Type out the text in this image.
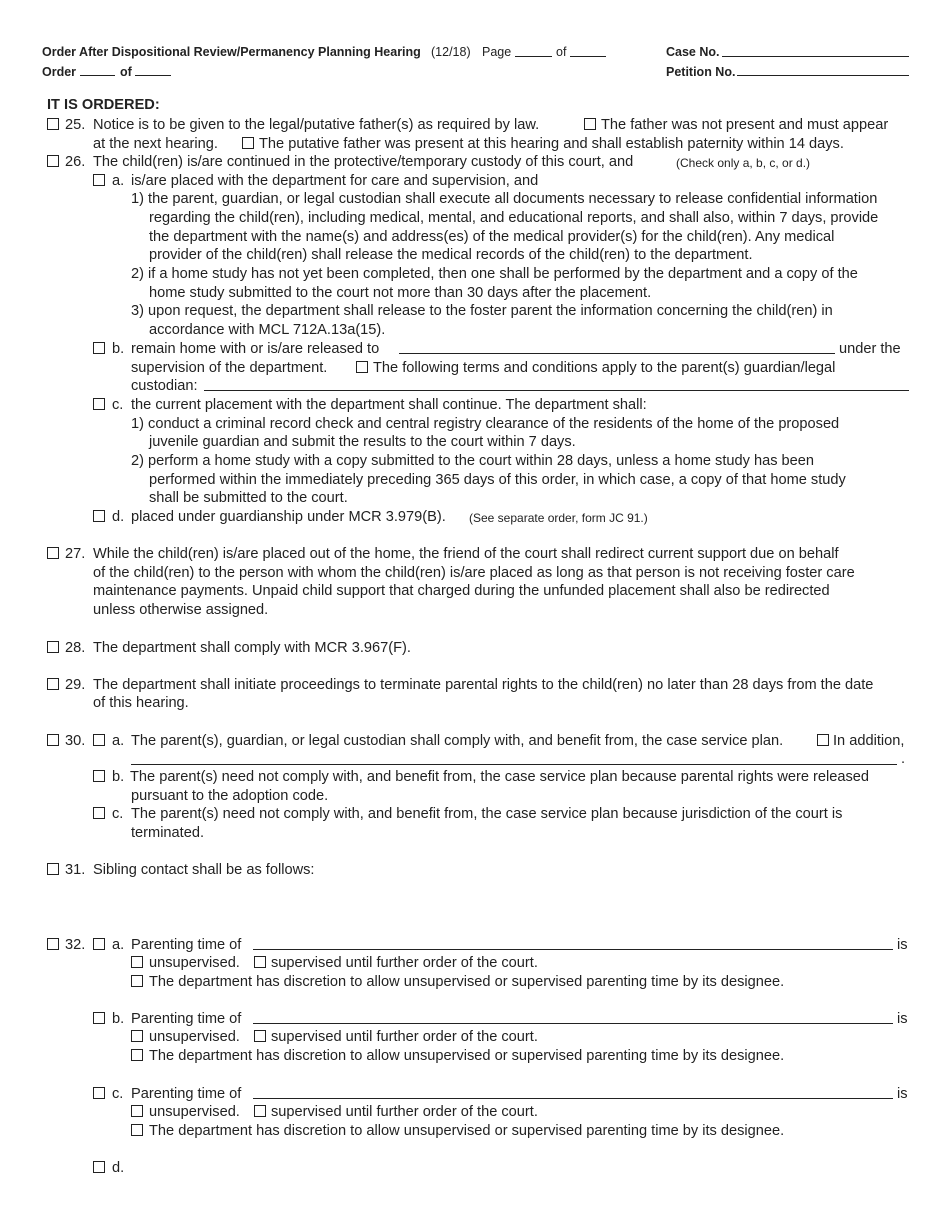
Order After Dispositional Review/Permanency Planning Hearing (12/18) Page	of
Order	of
Case No.
Petition No.
IT IS ORDERED:
25. Notice is to be given to the legal/putative father(s) as required by law.	The father was not present and must appear
at the next hearing.	The putative father was present at this hearing and shall establish paternity within 14 days.
26. The child(ren) is/are continued in the protective/temporary custody of this court, and	(Check only a, b, c, or d.)
a. is/are placed with the department for care and supervision, and
1) the parent, guardian, or legal custodian shall execute all documents necessary to release confidential information
regarding the child(ren), including medical, mental, and educational reports, and shall also, within 7 days, provide
the department with the name(s) and address(es) of the medical provider(s) for the child(ren). Any medical
provider of the child(ren) shall release the medical records of the child(ren) to the department.
2) if a home study has not yet been completed, then one shall be performed by the department and a copy of the
home study submitted to the court not more than 30 days after the placement.
3) upon request, the department shall release to the foster parent the information concerning the child(ren) in
accordance with MCL 712A.13a(15).
b. remain home with or is/are released to	under the
supervision of the department.	The following terms and conditions apply to the parent(s) guardian/legal
custodian:
c. the current placement with the department shall continue. The department shall:
1) conduct a criminal record check and central registry clearance of the residents of the home of the proposed
juvenile guardian and submit the results to the court within 7 days.
2) perform a home study with a copy submitted to the court within 28 days, unless a home study has been
performed within the immediately preceding 365 days of this order, in which case, a copy of that home study
shall be submitted to the court.
d. placed under guardianship under MCR 3.979(B). (See separate order, form JC 91.)
27. While the child(ren) is/are placed out of the home, the friend of the court shall redirect current support due on behalf
of the child(ren) to the person with whom the child(ren) is/are placed as long as that person is not receiving foster care
maintenance payments. Unpaid child support that charged during the unfunded placement shall also be redirected
unless otherwise assigned.
28. The department shall comply with MCR 3.967(F).
29. The department shall initiate proceedings to terminate parental rights to the child(ren) no later than 28 days from the date
of this hearing.
30. a. The parent(s), guardian, or legal custodian shall comply with, and benefit from, the case service plan.	In addition,
.
b. The parent(s) need not comply with, and benefit from, the case service plan because parental rights were released
pursuant to the adoption code.
c. The parent(s) need not comply with, and benefit from, the case service plan because jurisdiction of the court is
terminated.
31. Sibling contact shall be as follows:
32. a. Parenting time of	is
unsupervised. supervised until further order of the court.
The department has discretion to allow unsupervised or supervised parenting time by its designee.
b. Parenting time of	is
unsupervised. supervised until further order of the court.
The department has discretion to allow unsupervised or supervised parenting time by its designee.
c. Parenting time of	is
unsupervised. supervised until further order of the court.
The department has discretion to allow unsupervised or supervised parenting time by its designee.
d.
